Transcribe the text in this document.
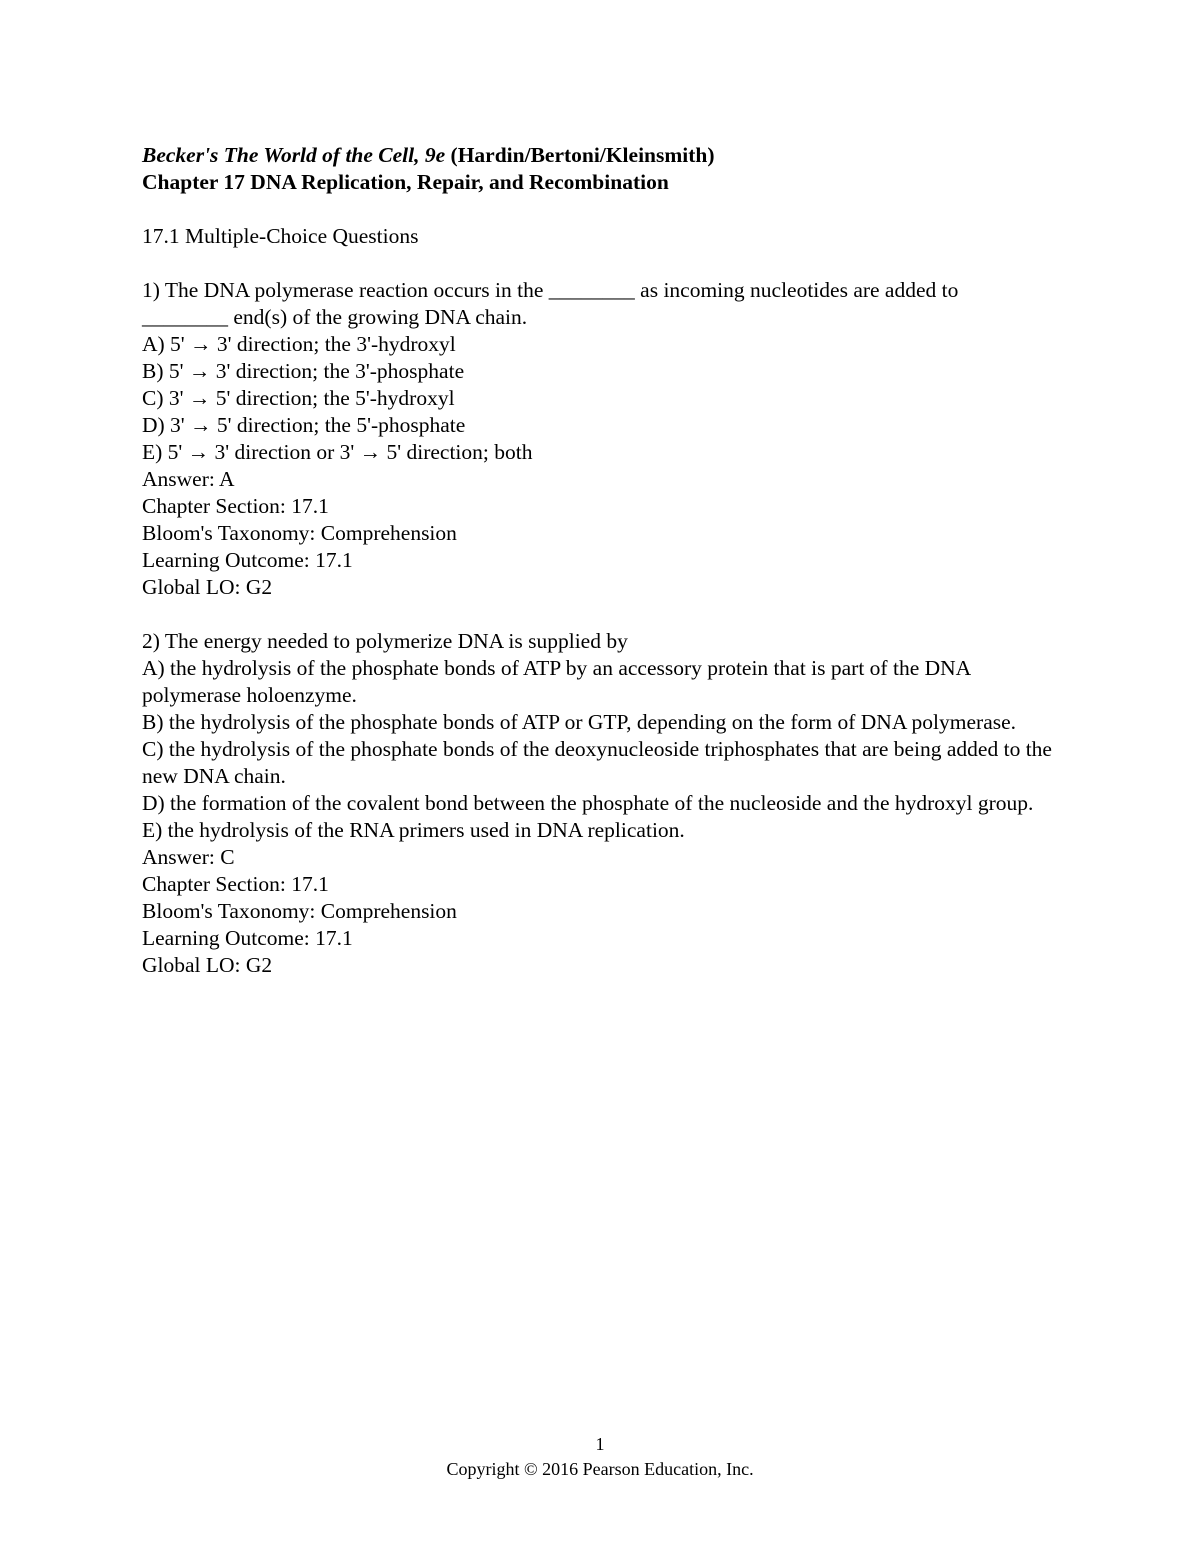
Becker's The World of the Cell, 9e (Hardin/Bertoni/Kleinsmith)
Chapter 17 DNA Replication, Repair, and Recombination
17.1 Multiple-Choice Questions
1) The DNA polymerase reaction occurs in the ________ as incoming nucleotides are added to
________ end(s) of the growing DNA chain.
A) 5' → 3' direction; the 3'-hydroxyl
B) 5' → 3' direction; the 3'-phosphate
C) 3' → 5' direction; the 5'-hydroxyl
D) 3' → 5' direction; the 5'-phosphate
E) 5' → 3' direction or 3' → 5' direction; both
Answer: A
Chapter Section: 17.1
Bloom's Taxonomy: Comprehension
Learning Outcome: 17.1
Global LO: G2
2) The energy needed to polymerize DNA is supplied by
A) the hydrolysis of the phosphate bonds of ATP by an accessory protein that is part of the DNA polymerase holoenzyme.
B) the hydrolysis of the phosphate bonds of ATP or GTP, depending on the form of DNA polymerase.
C) the hydrolysis of the phosphate bonds of the deoxynucleoside triphosphates that are being added to the new DNA chain.
D) the formation of the covalent bond between the phosphate of the nucleoside and the hydroxyl group.
E) the hydrolysis of the RNA primers used in DNA replication.
Answer: C
Chapter Section: 17.1
Bloom's Taxonomy: Comprehension
Learning Outcome: 17.1
Global LO: G2
1
Copyright © 2016 Pearson Education, Inc.
